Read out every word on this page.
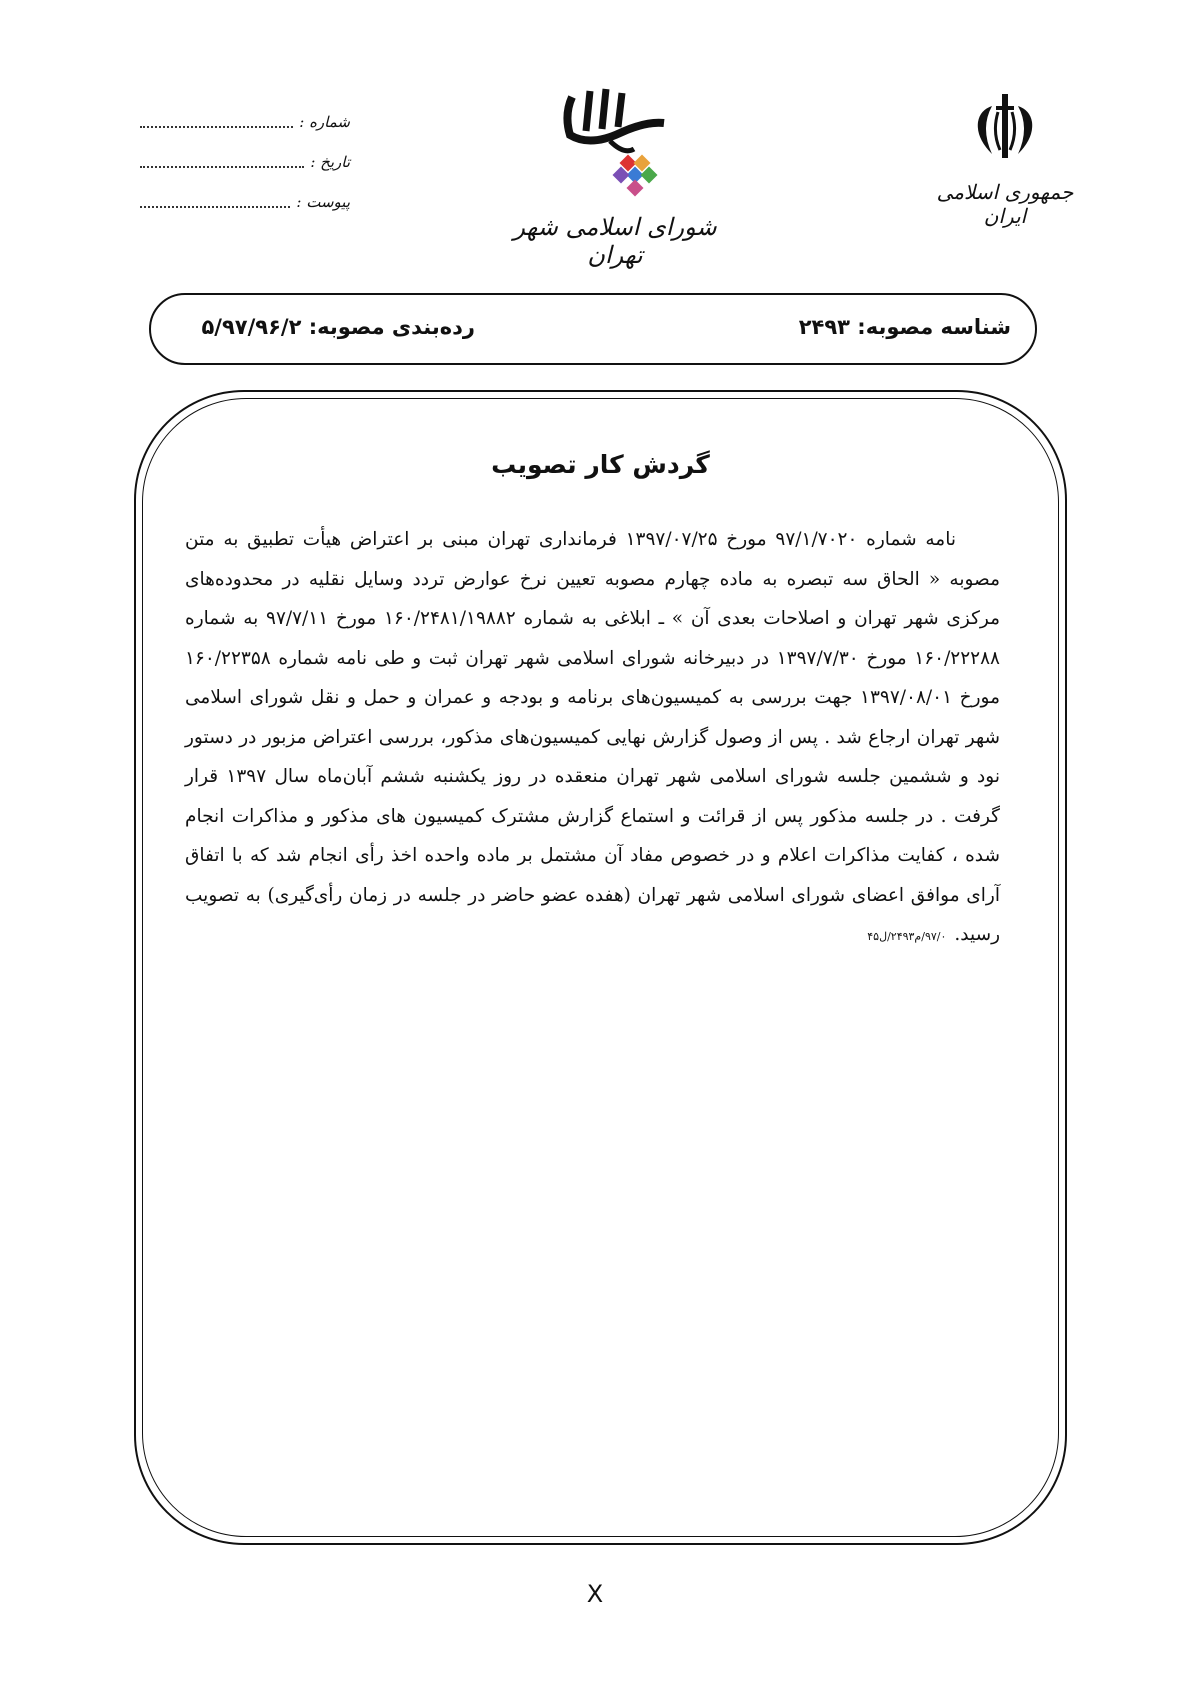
جمهوری اسلامی ایران
شورای اسلامی شهر تهران
شماره :
تاریخ :
پیوست :
شناسه مصوبه: ۲۴۹۳
رده‌بندی مصوبه: ۵/۹۷/۹۶/۲
گردش کار تصویب
نامه شماره ۹۷/۱/۷۰۲۰ مورخ ۱۳۹۷/۰۷/۲۵ فرمانداری تهران مبنی بر اعتراض هیأت تطبیق به متن مصوبه « الحاق سه تبصره به ماده چهارم مصوبه تعیین نرخ عوارض تردد وسایل نقلیه در محدوده‌های مرکزی شهر تهران و اصلاحات بعدی آن » ـ ابلاغی به شماره ۱۶۰/۲۴۸۱/۱۹۸۸۲ مورخ ۹۷/۷/۱۱ به شماره ۱۶۰/۲۲۲۸۸ مورخ ۱۳۹۷/۷/۳۰ در دبیرخانه شورای اسلامی شهر تهران ثبت و طی نامه شماره ۱۶۰/۲۲۳۵۸ مورخ ۱۳۹۷/۰۸/۰۱ جهت بررسی به کمیسیون‌های برنامه و بودجه و عمران و حمل و نقل شورای اسلامی شهر تهران ارجاع شد . پس از وصول گزارش نهایی کمیسیون‌های مذکور، بررسی اعتراض مزبور در دستور نود و ششمین جلسه شورای اسلامی شهر تهران منعقده در روز یکشنبه ششم آبان‌ماه سال ۱۳۹۷ قرار گرفت . در جلسه مذکور پس از قرائت و استماع گزارش مشترک کمیسیون های مذکور و مذاکرات انجام شده ، کفایت مذاکرات اعلام و در خصوص مفاد آن مشتمل بر ماده واحده اخذ رأی انجام شد که با اتفاق آرای موافق اعضای شورای اسلامی شهر تهران (هفده عضو حاضر در جلسه در زمان رأی‌گیری) به تصویب رسید.۹۷/۰/م۲۴۹۳/ل۴۵
X
